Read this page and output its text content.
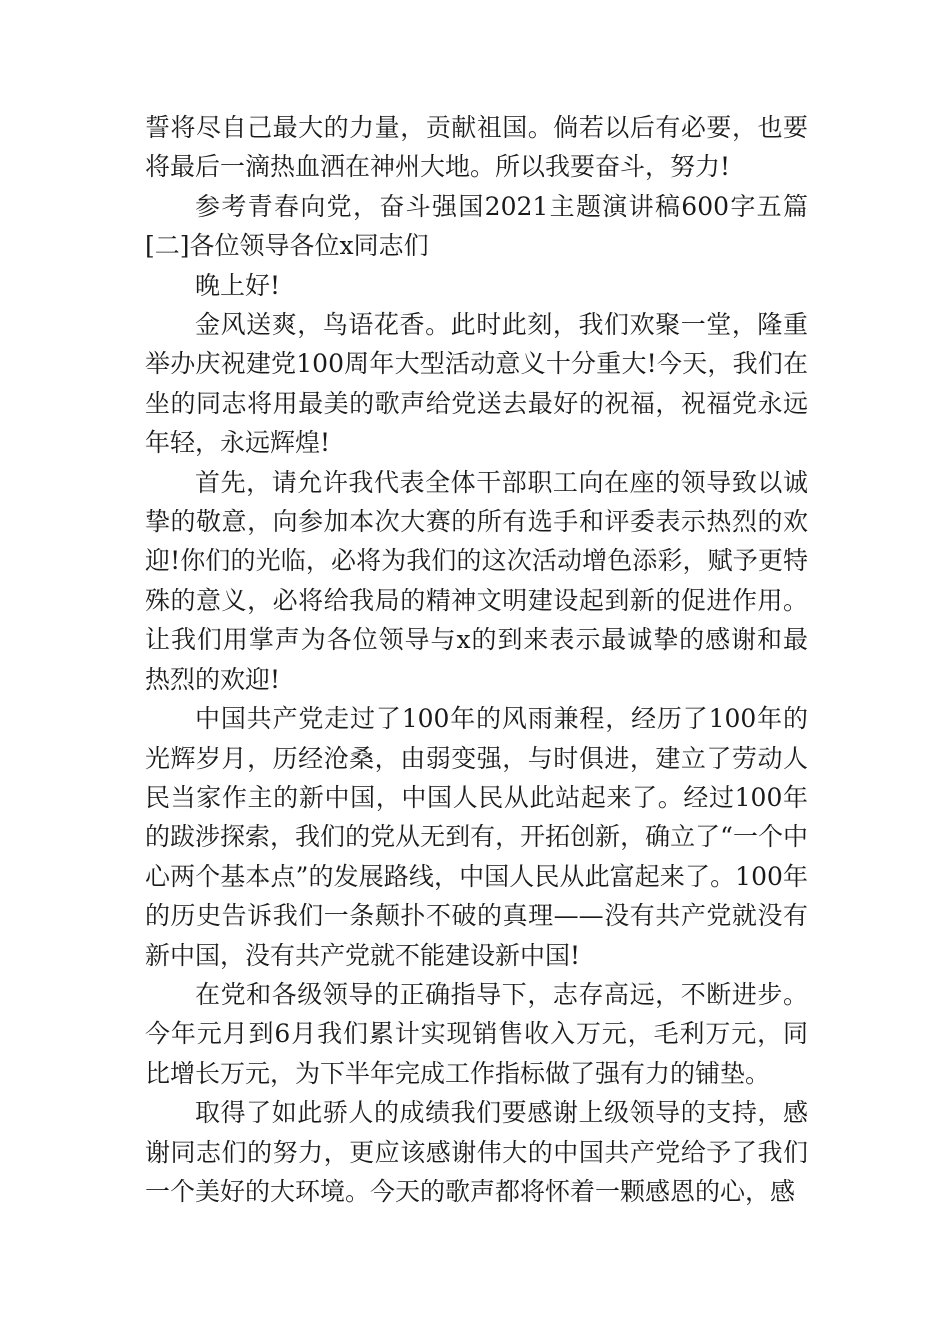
誓将尽自己最大的力量，贡献祖国。倘若以后有必要，也要将最后一滴热血洒在神州大地。所以我要奋斗，努力!

参考青春向党，奋斗强国2021主题演讲稿600字五篇[二]各位领导各位x同志们

晚上好!

金风送爽，鸟语花香。此时此刻，我们欢聚一堂，隆重举办庆祝建党100周年大型活动意义十分重大!今天，我们在坐的同志将用最美的歌声给党送去最好的祝福，祝福党永远年轻，永远辉煌!

首先，请允许我代表全体干部职工向在座的领导致以诚挚的敬意，向参加本次大赛的所有选手和评委表示热烈的欢迎!你们的光临，必将为我们的这次活动增色添彩，赋予更特殊的意义，必将给我局的精神文明建设起到新的促进作用。让我们用掌声为各位领导与x的到来表示最诚挚的感谢和最热烈的欢迎!

中国共产党走过了100年的风雨兼程，经历了100年的光辉岁月，历经沧桑，由弱变强，与时俱进，建立了劳动人民当家作主的新中国，中国人民从此站起来了。经过100年的跋涉探索，我们的党从无到有，开拓创新，确立了“一个中心两个基本点”的发展路线，中国人民从此富起来了。100年的历史告诉我们一条颠扑不破的真理——没有共产党就没有新中国，没有共产党就不能建设新中国!

在党和各级领导的正确指导下，志存高远，不断进步。今年元月到6月我们累计实现销售收入万元，毛利万元，同比增长万元，为下半年完成工作指标做了强有力的铺垫。

取得了如此骄人的成绩我们要感谢上级领导的支持，感谢同志们的努力，更应该感谢伟大的中国共产党给予了我们一个美好的大环境。今天的歌声都将怀着一颗感恩的心，感
